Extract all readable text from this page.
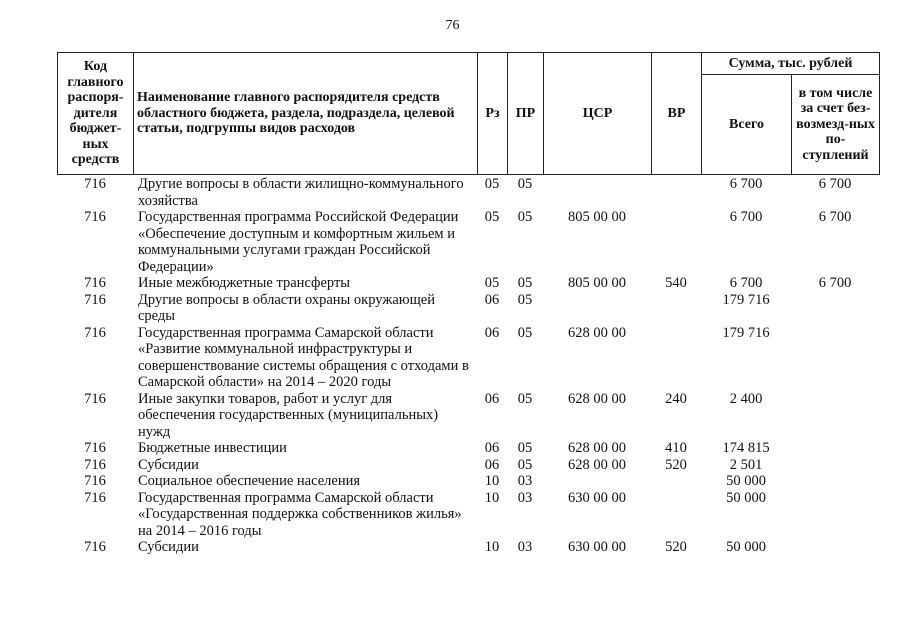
76
Код главного распоря-дителя бюджет-ных средств	Наименование главного распорядителя средств областного бюджета, раздела, подраздела, целевой статьи, подгруппы видов расходов	Рз	ПР	ЦСР	ВР	Сумма, тыс. рублей	
						Всего	в том числе за счет без-возмезд-ных по-ступлений
716	Другие вопросы в области жилищно-коммунального хозяйства	05	05			6 700	6 700
716	Государственная программа Российской Федерации «Обеспечение доступным и комфортным жильем и коммунальными услугами граждан Российской Федерации»	05	05	805 00 00		6 700	6 700
716	Иные межбюджетные трансферты	05	05	805 00 00	540	6 700	6 700
716	Другие вопросы в области охраны окружающей среды	06	05			179 716	
716	Государственная программа Самарской области «Развитие коммунальной инфраструктуры и совершенствование системы обращения с отходами в Самарской области» на 2014 – 2020 годы	06	05	628 00 00		179 716	
716	Иные закупки товаров, работ и услуг для обеспечения государственных (муниципальных) нужд	06	05	628 00 00	240	2 400	
716	Бюджетные инвестиции	06	05	628 00 00	410	174 815	
716	Субсидии	06	05	628 00 00	520	2 501	
716	Социальное обеспечение населения	10	03			50 000	
716	Государственная программа Самарской области «Государственная поддержка собственников жилья» на 2014 – 2016 годы	10	03	630 00 00		50 000	
716	Субсидии	10	03	630 00 00	520	50 000	
